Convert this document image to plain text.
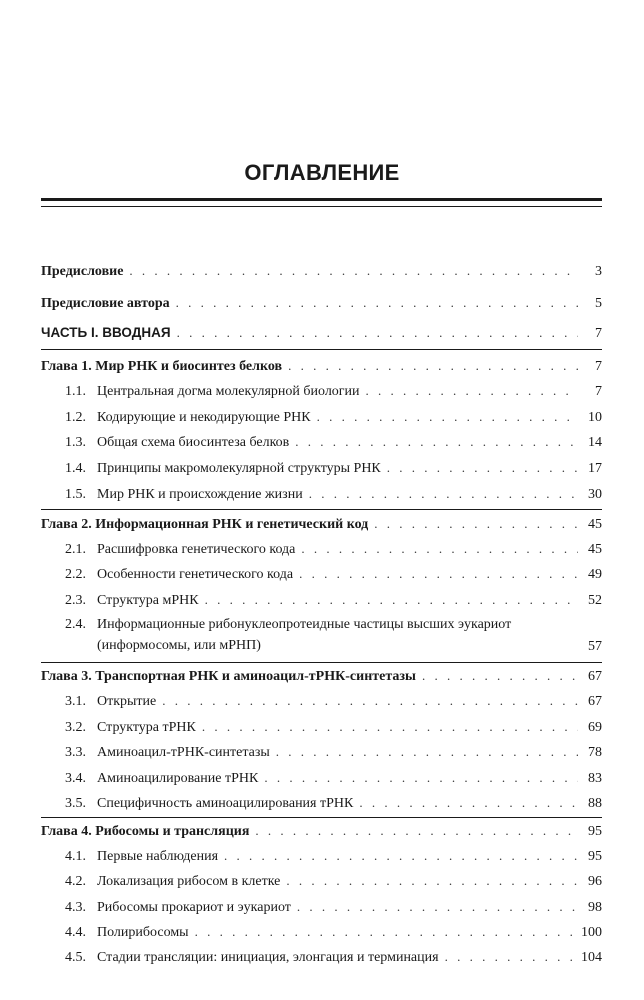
ОГЛАВЛЕНИЕ
Предисловие . . .	3
Предисловие автора . . .	5
ЧАСТЬ I. ВВОДНАЯ . . .	7
Глава 1. Мир РНК и биосинтез белков . . .	7
1.1. Центральная догма молекулярной биологии . . .	7
1.2. Кодирующие и некодирующие РНК . . .	10
1.3. Общая схема биосинтеза белков . . .	14
1.4. Принципы макромолекулярной структуры РНК . . .	17
1.5. Мир РНК и происхождение жизни . . .	30
Глава 2. Информационная РНК и генетический код . . .	45
2.1. Расшифровка генетического кода . . .	45
2.2. Особенности генетического кода . . .	49
2.3. Структура мРНК . . .	52
2.4. Информационные рибонуклеопротеидные частицы высших эукариот (информосомы, или мРНП)	57
Глава 3. Транспортная РНК и аминоацил-тРНК-синтетазы . . .	67
3.1. Открытие . . .	67
3.2. Структура тРНК . . .	69
3.3. Аминоацил-тРНК-синтетазы . . .	78
3.4. Аминоацилирование тРНК . . .	83
3.5. Специфичность аминоацилирования тРНК . . .	88
Глава 4. Рибосомы и трансляция . . .	95
4.1. Первые наблюдения . . .	95
4.2. Локализация рибосом в клетке . . .	96
4.3. Рибосомы прокариот и эукариот . . .	98
4.4. Полирибосомы . . .	100
4.5. Стадии трансляции: инициация, элонгация и терминация . . .	104
